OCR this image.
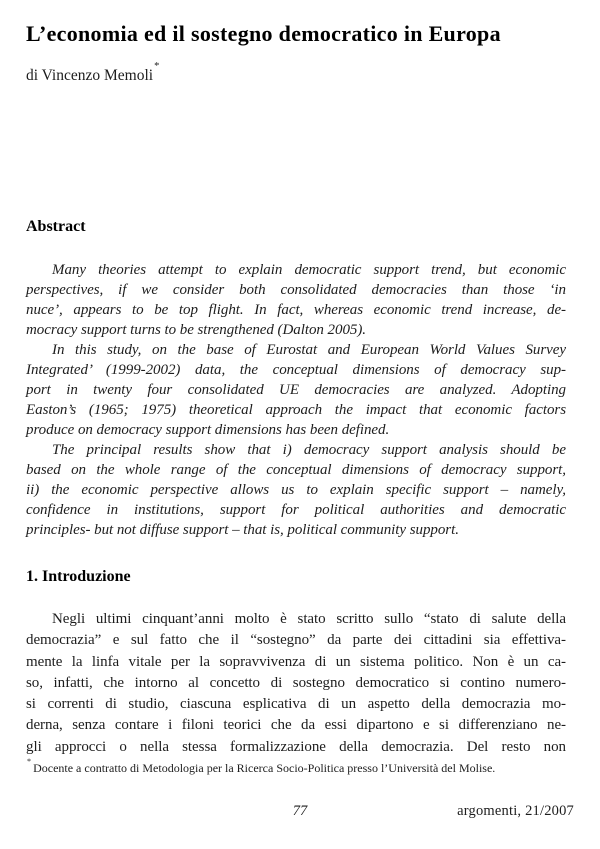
L’economia ed il sostegno democratico in Europa
di Vincenzo Memoli*
Abstract
Many theories attempt to explain democratic support trend, but economic
perspectives, if we consider both consolidated democracies than those ‘in
nuce’, appears to be top flight. In fact, whereas economic trend increase, de-
mocracy support turns to be strengthened (Dalton 2005).
In this study, on the base of Eurostat and European World Values Survey
Integrated’ (1999-2002) data, the conceptual dimensions of democracy sup-
port in twenty four consolidated UE democracies are analyzed. Adopting
Easton’s (1965; 1975) theoretical approach the impact that economic factors
produce on democracy support dimensions has been defined.
The principal results show that i) democracy support analysis should be
based on the whole range of the conceptual dimensions of democracy support,
ii) the economic perspective allows us to explain specific support – namely,
confidence in institutions, support for political authorities and democratic
principles- but not diffuse support – that is, political community support.
1. Introduzione
Negli ultimi cinquant’anni molto è stato scritto sullo “stato di salute della
democrazia” e sul fatto che il “sostegno” da parte dei cittadini sia effettiva-
mente la linfa vitale per la sopravvivenza di un sistema politico. Non è un ca-
so, infatti, che intorno al concetto di sostegno democratico si contino numero-
si correnti di studio, ciascuna esplicativa di un aspetto della democrazia mo-
derna, senza contare i filoni teorici che da essi dipartono e si differenziano ne-
gli approcci o nella stessa formalizzazione della democrazia. Del resto non
* Docente a contratto di Metodologia per la Ricerca Socio-Politica presso l’Università del Molise.
77	argomenti, 21/2007
